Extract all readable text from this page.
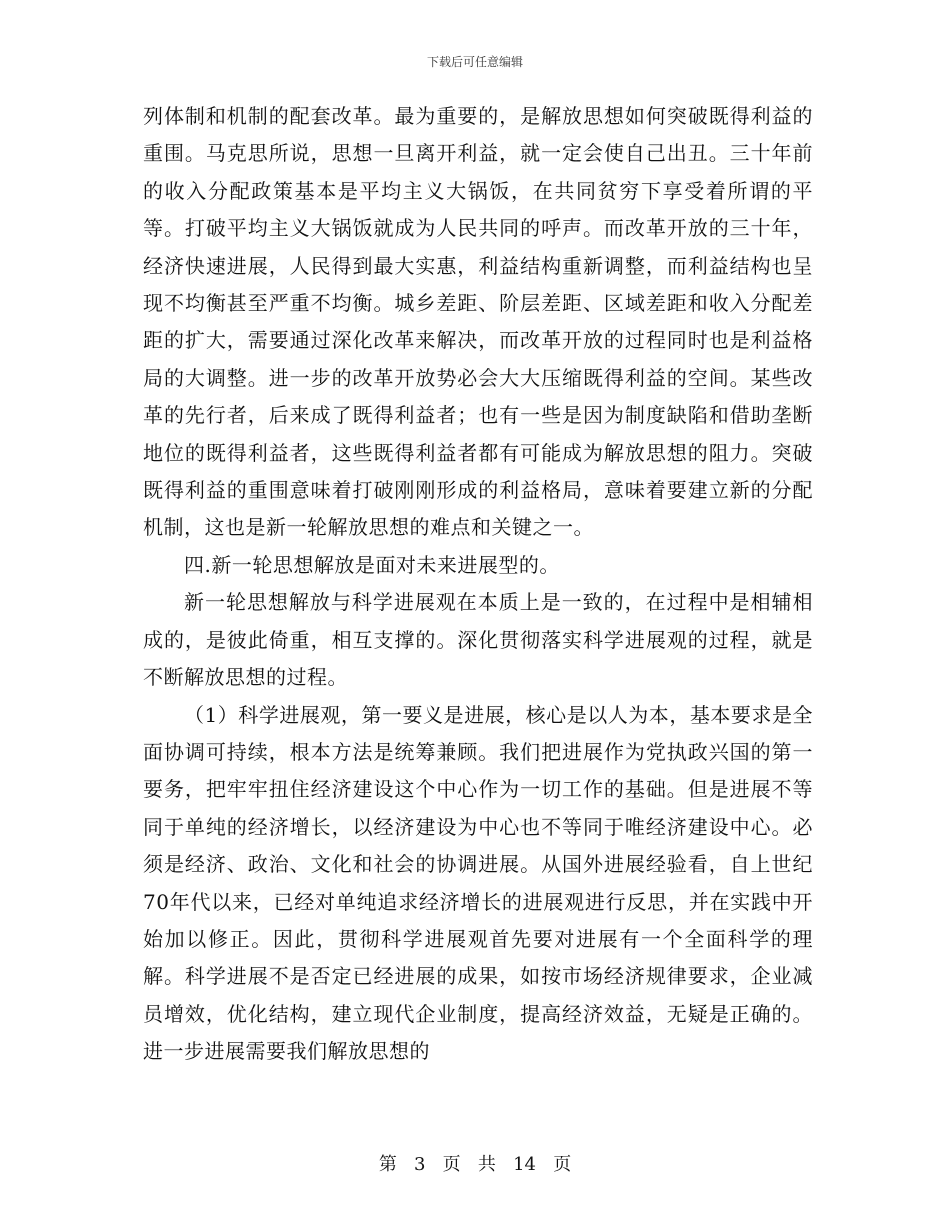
下载后可任意编辑

列体制和机制的配套改革。最为重要的，是解放思想如何突破既得利益的重围。马克思所说，思想一旦离开利益，就一定会使自己出丑。三十年前的收入分配政策基本是平均主义大锅饭，在共同贫穷下享受着所谓的平等。打破平均主义大锅饭就成为人民共同的呼声。而改革开放的三十年，经济快速进展，人民得到最大实惠，利益结构重新调整，而利益结构也呈现不均衡甚至严重不均衡。城乡差距、阶层差距、区域差距和收入分配差距的扩大，需要通过深化改革来解决，而改革开放的过程同时也是利益格局的大调整。进一步的改革开放势必会大大压缩既得利益的空间。某些改革的先行者，后来成了既得利益者；也有一些是因为制度缺陷和借助垄断地位的既得利益者，这些既得利益者都有可能成为解放思想的阻力。突破既得利益的重围意味着打破刚刚形成的利益格局，意味着要建立新的分配机制，这也是新一轮解放思想的难点和关键之一。

四.新一轮思想解放是面对未来进展型的。

新一轮思想解放与科学进展观在本质上是一致的，在过程中是相辅相成的，是彼此倚重，相互支撑的。深化贯彻落实科学进展观的过程，就是不断解放思想的过程。

（1）科学进展观，第一要义是进展，核心是以人为本，基本要求是全面协调可持续，根本方法是统筹兼顾。我们把进展作为党执政兴国的第一要务，把牢牢扭住经济建设这个中心作为一切工作的基础。但是进展不等同于单纯的经济增长，以经济建设为中心也不等同于唯经济建设中心。必须是经济、政治、文化和社会的协调进展。从国外进展经验看，自上世纪70年代以来，已经对单纯追求经济增长的进展观进行反思，并在实践中开始加以修正。因此，贯彻科学进展观首先要对进展有一个全面科学的理解。科学进展不是否定已经进展的成果，如按市场经济规律要求，企业减员增效，优化结构，建立现代企业制度，提高经济效益，无疑是正确的。进一步进展需要我们解放思想的

第 3 页 共 14 页
